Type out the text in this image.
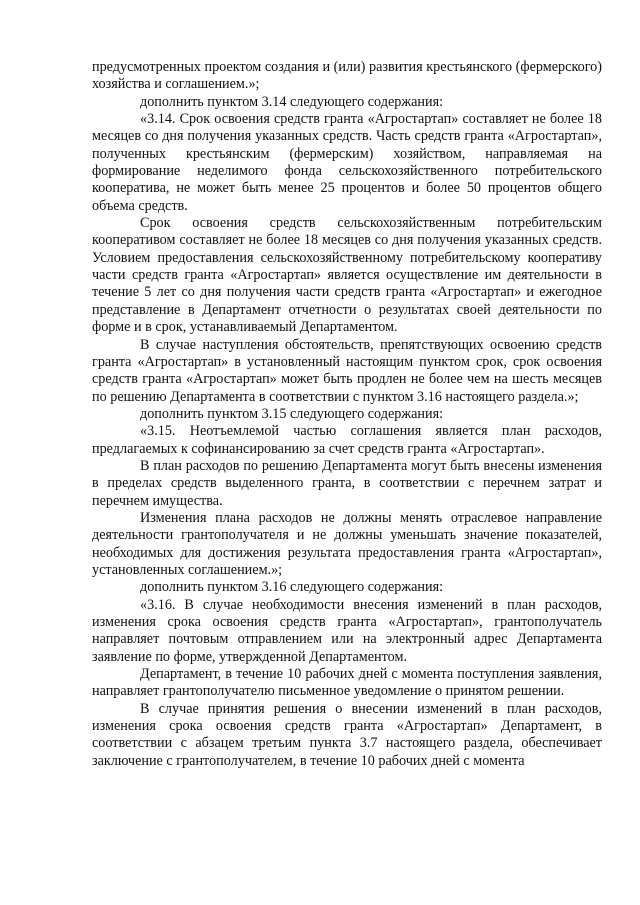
предусмотренных проектом создания и (или) развития крестьянского (фермерского) хозяйства и соглашением.»;

дополнить пунктом 3.14 следующего содержания:

«3.14. Срок освоения средств гранта «Агростартап» составляет не более 18 месяцев со дня получения указанных средств. Часть средств гранта «Агростартап», полученных крестьянским (фермерским) хозяйством, направляемая на формирование неделимого фонда сельскохозяйственного потребительского кооператива, не может быть менее 25 процентов и более 50 процентов общего объема средств.

Срок освоения средств сельскохозяйственным потребительским кооперативом составляет не более 18 месяцев со дня получения указанных средств. Условием предоставления сельскохозяйственному потребительскому кооперативу части средств гранта «Агростартап» является осуществление им деятельности в течение 5 лет со дня получения части средств гранта «Агростартап» и ежегодное представление в Департамент отчетности о результатах своей деятельности по форме и в срок, устанавливаемый Департаментом.

В случае наступления обстоятельств, препятствующих освоению средств гранта «Агростартап» в установленный настоящим пунктом срок, срок освоения средств гранта «Агростартап» может быть продлен не более чем на шесть месяцев по решению Департамента в соответствии с пунктом 3.16 настоящего раздела.»;

дополнить пунктом 3.15 следующего содержания:

«3.15. Неотъемлемой частью соглашения является план расходов, предлагаемых к софинансированию за счет средств гранта «Агростартап».

В план расходов по решению Департамента могут быть внесены изменения в пределах средств выделенного гранта, в соответствии с перечнем затрат и перечнем имущества.

Изменения плана расходов не должны менять отраслевое направление деятельности грантополучателя и не должны уменьшать значение показателей, необходимых для достижения результата предоставления гранта «Агростартап», установленных соглашением.»;

дополнить пунктом 3.16 следующего содержания:

«3.16. В случае необходимости внесения изменений в план расходов, изменения срока освоения средств гранта «Агростартап», грантополучатель направляет почтовым отправлением или на электронный адрес Департамента заявление по форме, утвержденной Департаментом.

Департамент, в течение 10 рабочих дней с момента поступления заявления, направляет грантополучателю письменное уведомление о принятом решении.

В случае принятия решения о внесении изменений в план расходов, изменения срока освоения средств гранта «Агростартап» Департамент, в соответствии с абзацем третьим пункта 3.7 настоящего раздела, обеспечивает заключение с грантополучателем, в течение 10 рабочих дней с момента
